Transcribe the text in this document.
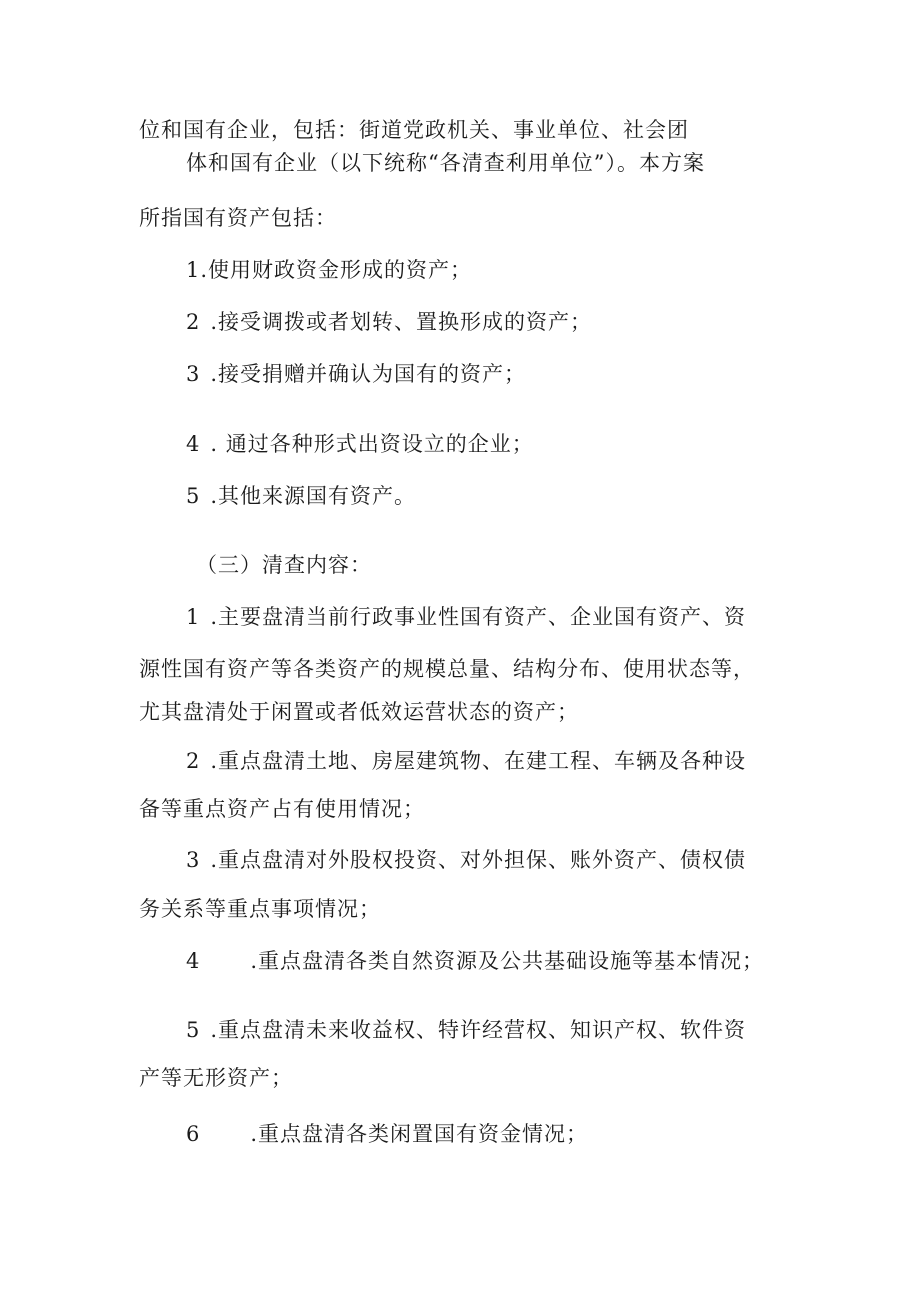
位和国有企业，包括：街道党政机关、事业单位、社会团

体和国有企业（以下统称“各清查利用单位”）。本方案

所指国有资产包括：

1.使用财政资金形成的资产；

2 .接受调拨或者划转、置换形成的资产；

3 .接受捐赠并确认为国有的资产；

4 . 通过各种形式出资设立的企业；

5 .其他来源国有资产。

（三）清查内容：

1 .主要盘清当前行政事业性国有资产、企业国有资产、资

源性国有资产等各类资产的规模总量、结构分布、使用状态等，

尤其盘清处于闲置或者低效运营状态的资产；

2 .重点盘清土地、房屋建筑物、在建工程、车辆及各种设

备等重点资产占有使用情况；

3 .重点盘清对外股权投资、对外担保、账外资产、债权债

务关系等重点事项情况；

4 .重点盘清各类自然资源及公共基础设施等基本情况；

5 .重点盘清未来收益权、特许经营权、知识产权、软件资

产等无形资产；

6 .重点盘清各类闲置国有资金情况；
